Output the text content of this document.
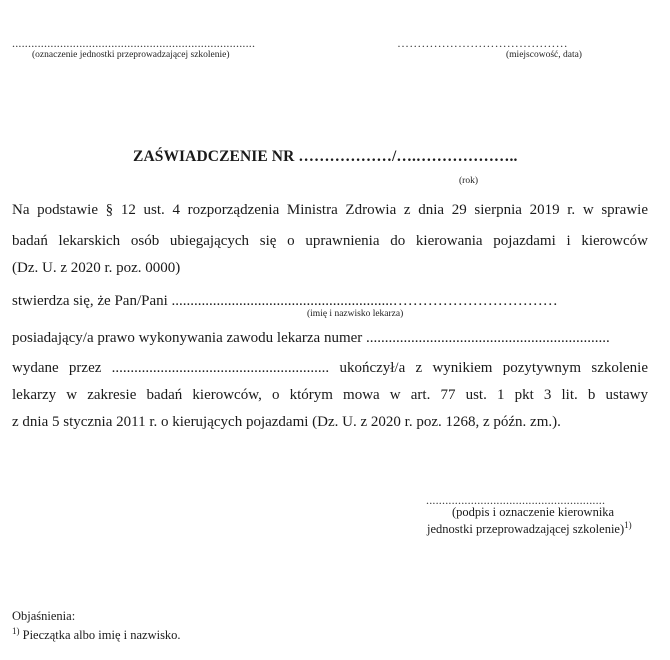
............................................................................
(oznaczenie jednostki przeprowadzającej szkolenie)
……………………………………
(miejscowość, data)
ZAŚWIADCZENIE NR ………………/….………………..
(rok)
Na podstawie § 12 ust. 4 rozporządzenia Ministra Zdrowia z dnia 29 sierpnia 2019 r. w sprawie
badań lekarskich osób ubiegających się o uprawnienia do kierowania pojazdami i kierowców
(Dz. U. z 2020 r. poz. 0000)
stwierdza się, że Pan/Pani ...........................................................……………………………
(imię i nazwisko lekarza)
posiadający/a prawo wykonywania zawodu lekarza numer .................................................................
wydane przez .......................................................... ukończył/a z wynikiem pozytywnym szkolenie
lekarzy w zakresie badań kierowców, o którym mowa w art. 77 ust. 1 pkt 3 lit. b ustawy
z dnia 5 stycznia 2011 r. o kierujących pojazdami (Dz. U. z 2020 r. poz. 1268, z późn. zm.).
........................................................
(podpis i oznaczenie kierownika
jednostki przeprowadzającej szkolenie)$^{1)}$
Objaśnienia:
$^{1)}$ Pieczątka albo imię i nazwisko.
